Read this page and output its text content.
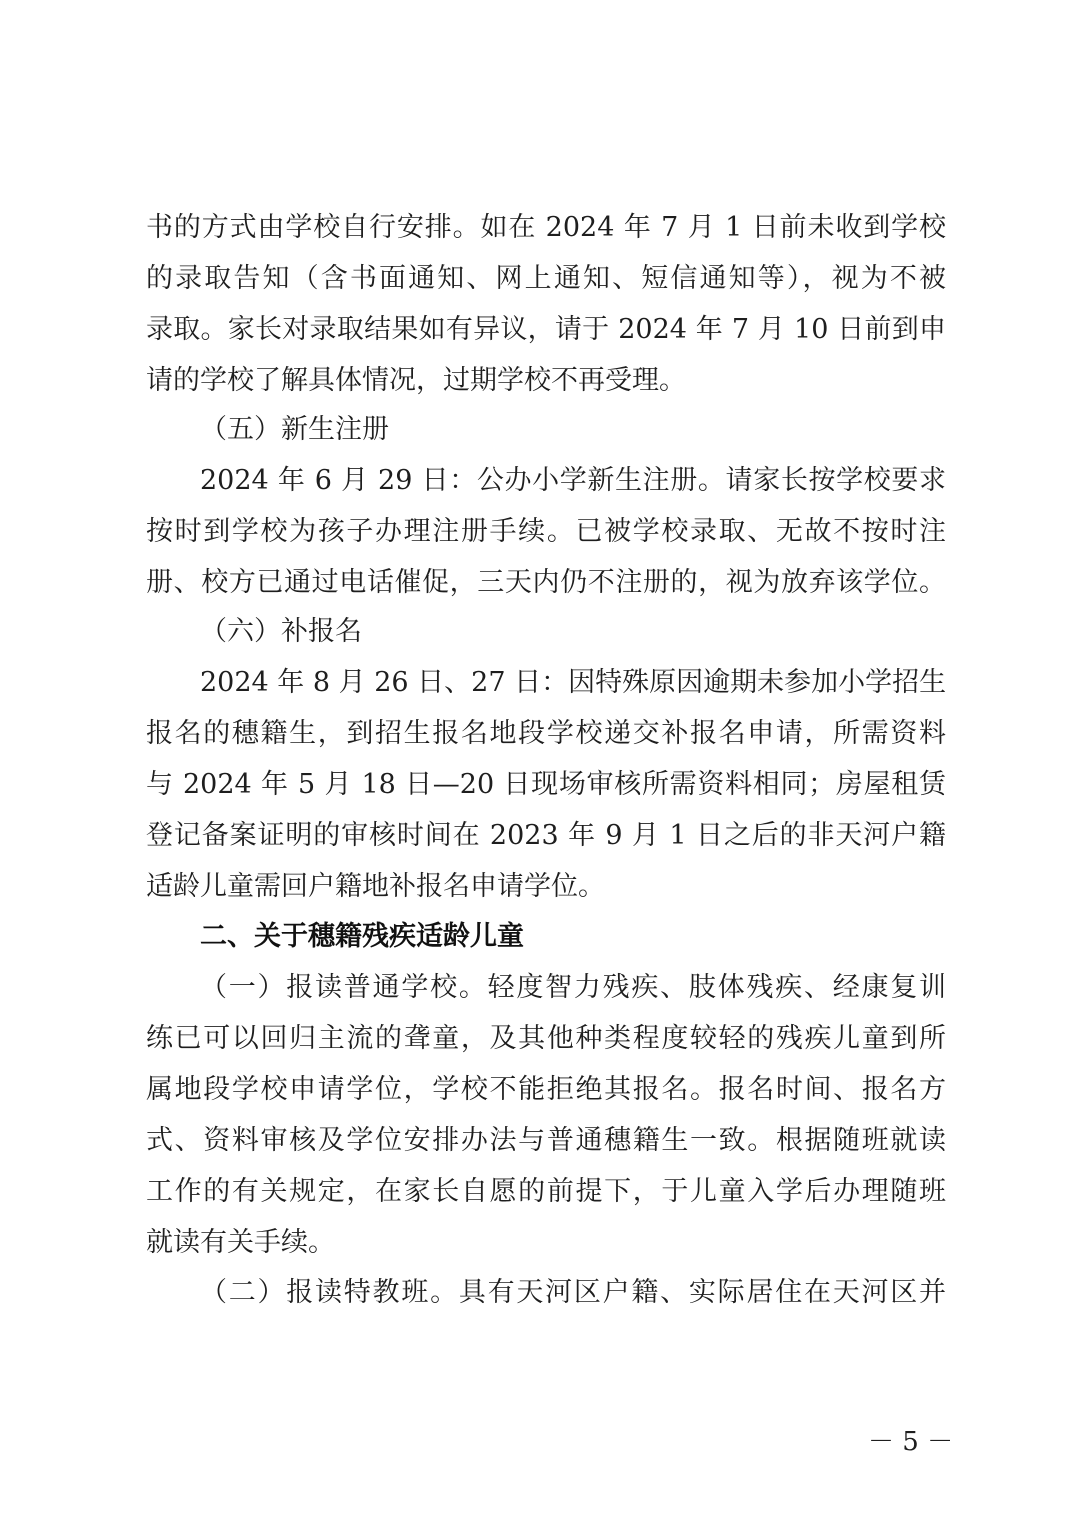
书的方式由学校自行安排。如在 2024 年 7 月 1 日前未收到学校
的录取告知（含书面通知、网上通知、短信通知等），视为不被
录取。家长对录取结果如有异议，请于 2024 年 7 月 10 日前到申
请的学校了解具体情况，过期学校不再受理。
（五）新生注册
2024 年 6 月 29 日：公办小学新生注册。请家长按学校要求
按时到学校为孩子办理注册手续。已被学校录取、无故不按时注
册、校方已通过电话催促，三天内仍不注册的，视为放弃该学位。
（六）补报名
2024 年 8 月 26 日、27 日：因特殊原因逾期未参加小学招生
报名的穗籍生，到招生报名地段学校递交补报名申请，所需资料
与 2024 年 5 月 18 日—20 日现场审核所需资料相同；房屋租赁
登记备案证明的审核时间在 2023 年 9 月 1 日之后的非天河户籍
适龄儿童需回户籍地补报名申请学位。
二、关于穗籍残疾适龄儿童
（一）报读普通学校。轻度智力残疾、肢体残疾、经康复训
练已可以回归主流的聋童，及其他种类程度较轻的残疾儿童到所
属地段学校申请学位，学校不能拒绝其报名。报名时间、报名方
式、资料审核及学位安排办法与普通穗籍生一致。根据随班就读
工作的有关规定，在家长自愿的前提下，于儿童入学后办理随班
就读有关手续。
（二）报读特教班。具有天河区户籍、实际居住在天河区并
－ 5 －
